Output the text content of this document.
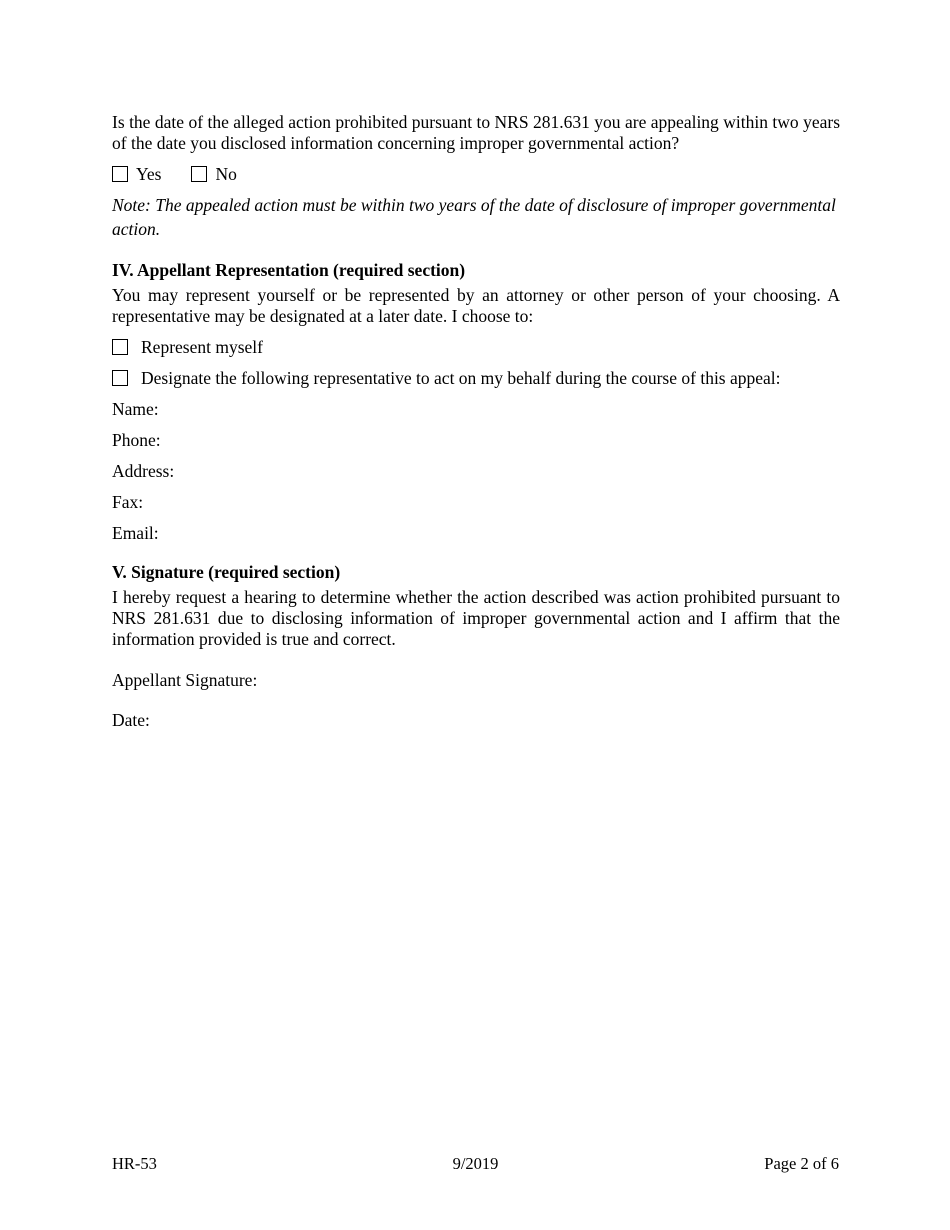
Is the date of the alleged action prohibited pursuant to NRS 281.631 you are appealing within two years of the date you disclosed information concerning improper governmental action?

Yes	No

Note: The appealed action must be within two years of the date of disclosure of improper governmental action.

IV. Appellant Representation (required section)

You may represent yourself or be represented by an attorney or other person of your choosing. A representative may be designated at a later date. I choose to:

Represent myself
Designate the following representative to act on my behalf during the course of this appeal:
Name:
Phone:
Address:
Fax:
Email:

V. Signature (required section)

I hereby request a hearing to determine whether the action described was action prohibited pursuant to NRS 281.631 due to disclosing information of improper governmental action and I affirm that the information provided is true and correct.

Appellant Signature:
Date:
9/2019
HR-53	Page 2 of 6
